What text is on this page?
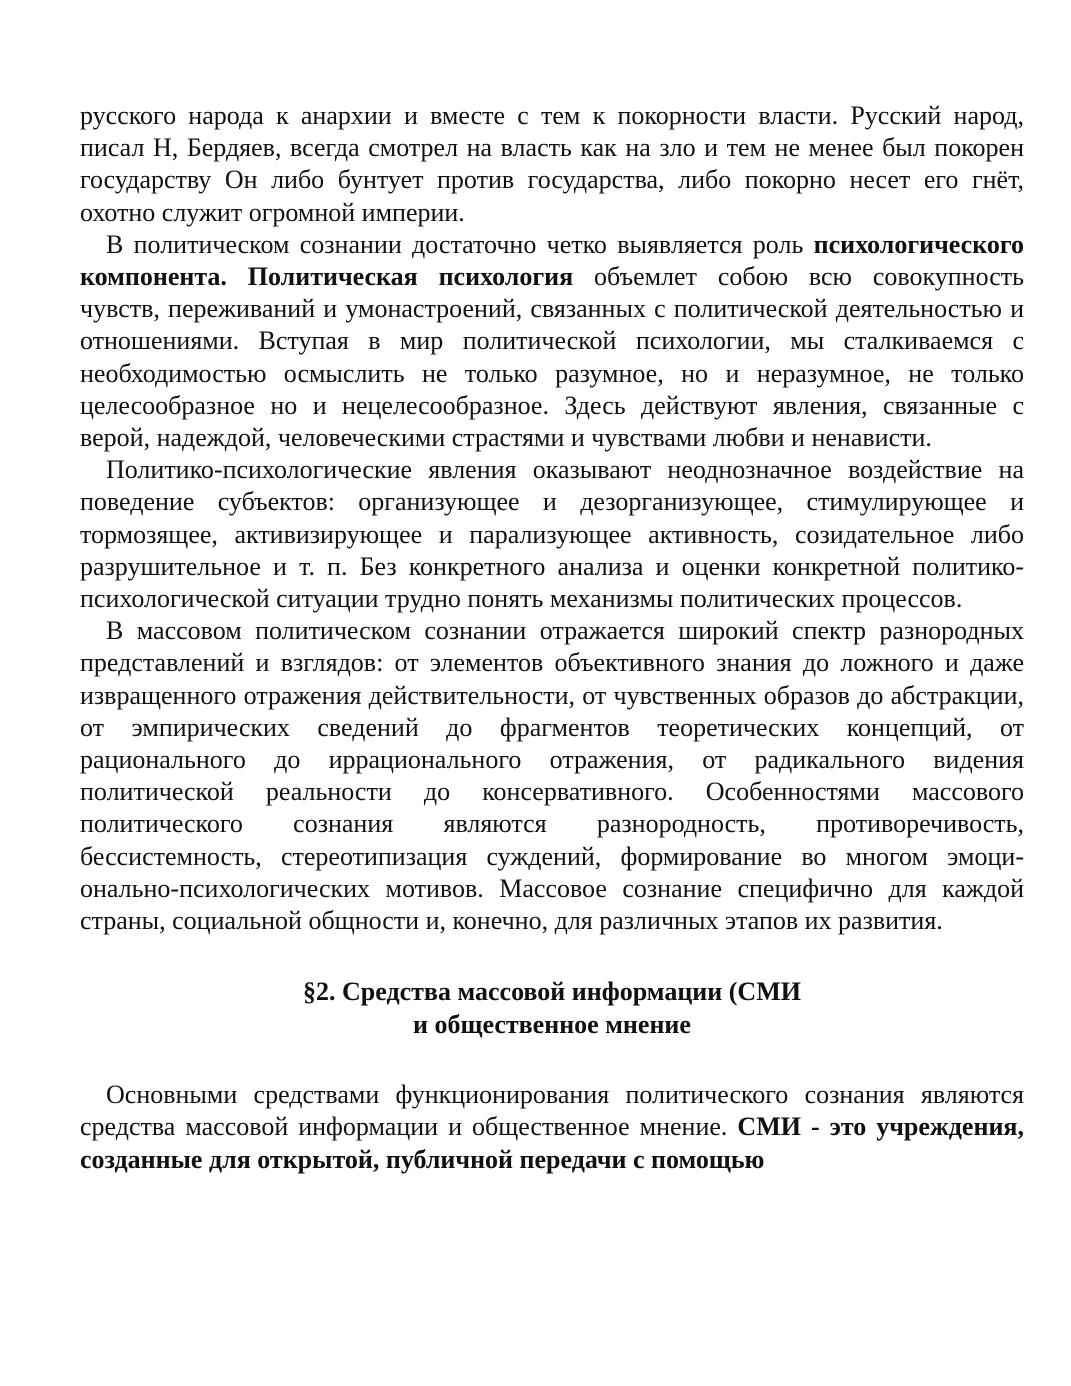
русского народа к анархии и вместе с тем к покорности власти. Русский народ, писал Н, Бердяев, всегда смотрел на власть как на зло и тем не менее был покорен государству Он либо бунтует против государства, либо покорно несет его гнёт, охотно служит огромной империи.

В политическом сознании достаточно четко выявляется роль психологического компонента. Политическая психология объемлет собою всю совокупность чувств, переживаний и умонастроений, связанных с политической деятельностью и отношениями. Вступая в мир политической психологии, мы сталкиваемся с необходимостью осмыслить не только разумное, но и неразумное, не только целесообразное но и нецелесообразное. Здесь действуют явления, связанные с верой, надеждой, человеческими страстями и чувствами любви и ненависти.

Политико-психологические явления оказывают неоднозначное воздействие на поведение субъектов: организующее и дезорганизующее, стимулирующее и тормозящее, активизирующее и парализующее активность, созидательное либо разрушительное и т. п. Без конкретного анализа и оценки конкретной политико-психологической ситуации трудно понять механизмы политических процессов.

В массовом политическом сознании отражается широкий спектр разнородных представлений и взглядов: от элементов объективного знания до ложного и даже извращенного отражения действительности, от чувственных образов до абстракции, от эмпирических сведений до фрагментов теоретических концепций, от рационального до иррационального отражения, от радикального видения политической реальности до консервативного. Особенностями массового политического сознания являются разнородность, противоречивость, бессистемность, стереотипизация суждений, формирование во многом эмоционально-психологических мотивов. Массовое сознание специфично для каждой страны, социальной общности и, конечно, для различных этапов их развития.

§2. Средства массовой информации (СМИ
и общественное мнение

Основными средствами функционирования политического сознания являются средства массовой информации и общественное мнение. СМИ - это учреждения, созданные для открытой, публичной передачи с помощью
